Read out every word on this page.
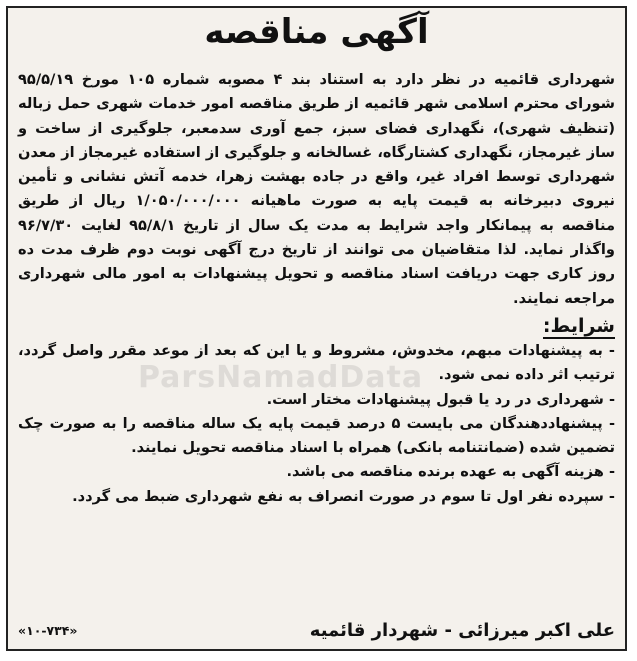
ParsNamadData
آگهی مناقصه

شهرداری قائمیه در نظر دارد به استناد بند ۴ مصوبه شماره ۱۰۵ مورخ ۹۵/۵/۱۹ شورای محترم اسلامی شهر قائمیه از طریق مناقصه امور خدمات شهری حمل زباله (تنظیف شهری)، نگهداری فضای سبز، جمع آوری سدمعبر، جلوگیری از ساخت و ساز غیرمجاز، نگهداری کشتارگاه، غسالخانه و جلوگیری از استفاده غیرمجاز از معدن شهرداری توسط افراد غیر، واقع در جاده بهشت زهرا، خدمه آتش نشانی و تأمین نیروی دبیرخانه به قیمت پایه به صورت ماهیانه ۱/۰۵۰/۰۰۰/۰۰۰ ریال از طریق مناقصه به پیمانکار واجد شرایط به مدت یک سال از تاریخ ۹۵/۸/۱ لغایت ۹۶/۷/۳۰ واگذار نماید. لذا متقاضیان می توانند از تاریخ درج آگهی نوبت دوم ظرف مدت ده روز کاری جهت دریافت اسناد مناقصه و تحویل پیشنهادات به امور مالی شهرداری مراجعه نمایند.

شرایط:

- به پیشنهادات مبهم، مخدوش، مشروط و یا این که بعد از موعد مقرر واصل گردد، ترتیب اثر داده نمی شود.

- شهرداری در رد یا قبول پیشنهادات مختار است.

- پیشنهاددهندگان می بایست ۵ درصد قیمت پایه یک ساله مناقصه را به صورت چک تضمین شده (ضمانتنامه بانکی) همراه با اسناد مناقصه تحویل نمایند.

- هزینه آگهی به عهده برنده مناقصه می باشد.

- سپرده نفر اول تا سوم در صورت انصراف به نفع شهرداری ضبط می گردد.

علی اکبر میرزائی - شهردار قائمیه
«۱۰-۷۳۴»
